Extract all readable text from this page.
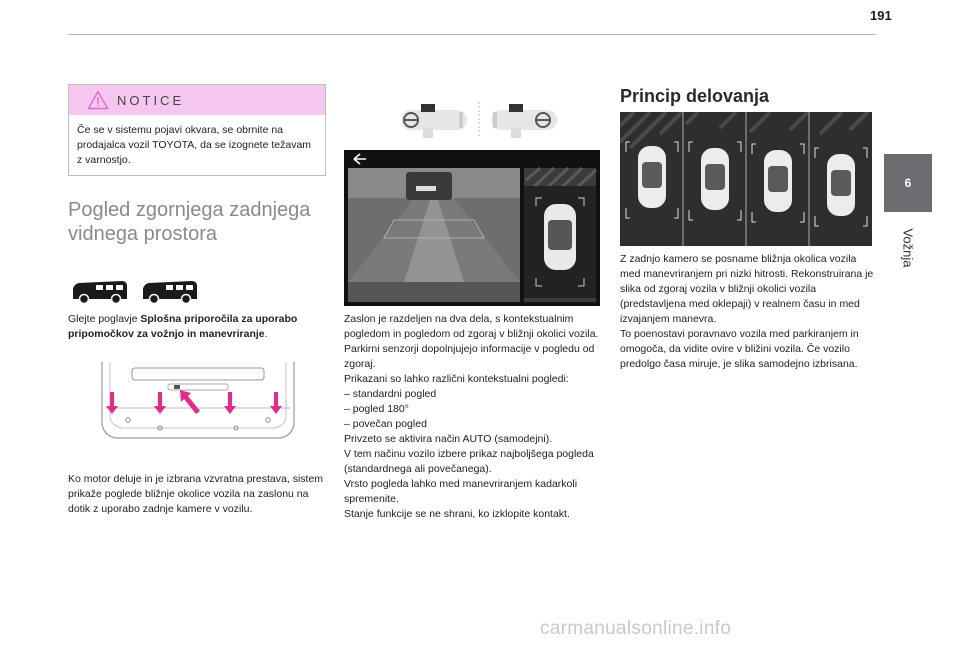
191
6
Vožnja
NOTICE
Če se v sistemu pojavi okvara, se obrnite na prodajalca vozil TOYOTA, da se izognete težavam z varnostjo.
Pogled zgornjega zadnjega vidnega prostora
Glejte poglavje Splošna priporočila za uporabo pripomočkov za vožnjo in manevriranje.
Ko motor deluje in je izbrana vzvratna prestava, sistem prikaže poglede bližnje okolice vozila na zaslonu na dotik z uporabo zadnje kamere v vozilu.

Zaslon je razdeljen na dva dela, s kontekstualnim pogledom in pogledom od zgoraj v bližnji okolici vozila.

Parkirni senzorji dopolnjujejo informacije v pogledu od zgoraj.

Prikazani so lahko različni kontekstualni pogledi:

– standardni pogled

– pogled 180°

– povečan pogled

Privzeto se aktivira način AUTO (samodejni).

V tem načinu vozilo izbere prikaz najboljšega pogleda (standardnega ali povečanega).

Vrsto pogleda lahko med manevriranjem kadarkoli spremenite.

Stanje funkcije se ne shrani, ko izklopite kontakt.

Princip delovanja

Z zadnjo kamero se posname bližnja okolica vozila med manevriranjem pri nizki hitrosti. Rekonstruirana je slika od zgoraj vozila v bližnji okolici vozila (predstavljena med oklepaji) v realnem času in med izvajanjem manevra.

To poenostavi poravnavo vozila med parkiranjem in omogoča, da vidite ovire v bližini vozila. Če vozilo predolgo časa miruje, je slika samodejno izbrisana.

carmanualsonline.info
